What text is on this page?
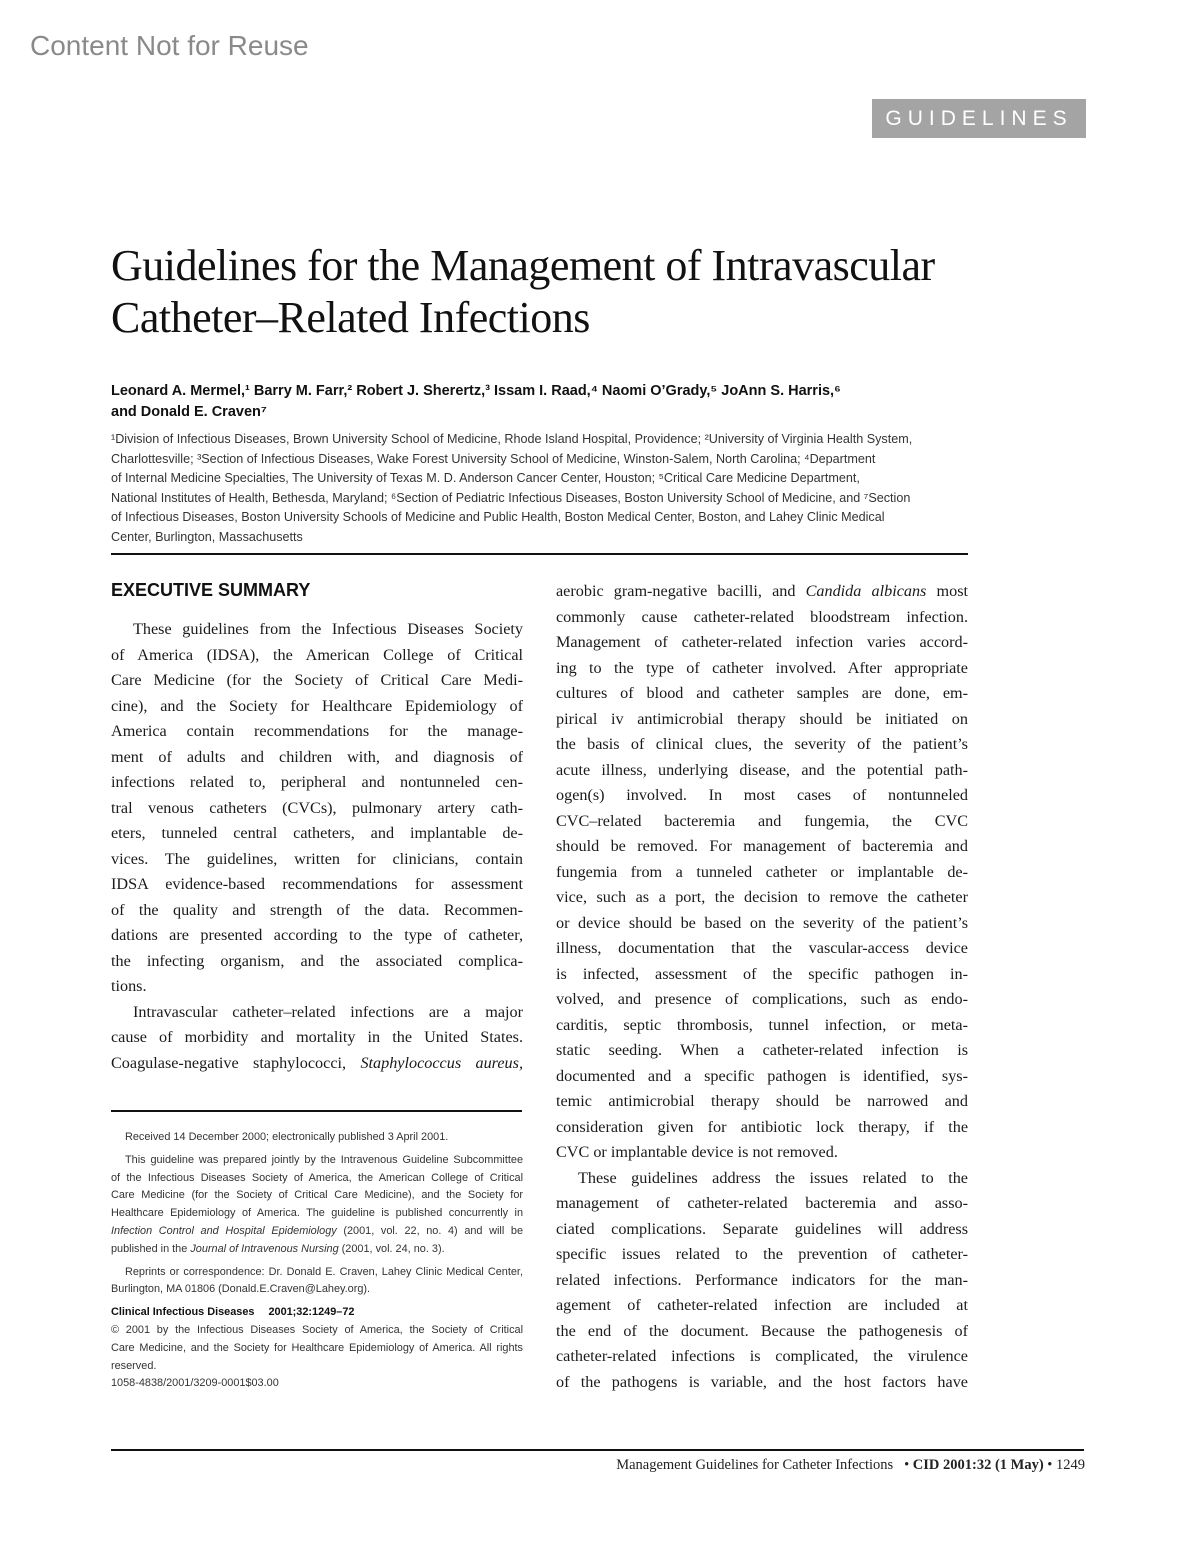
Content Not for Reuse
GUIDELINES
Guidelines for the Management of Intravascular
Catheter–Related Infections
Leonard A. Mermel,¹ Barry M. Farr,² Robert J. Sherertz,³ Issam I. Raad,⁴ Naomi O’Grady,⁵ JoAnn S. Harris,⁶
and Donald E. Craven⁷
¹Division of Infectious Diseases, Brown University School of Medicine, Rhode Island Hospital, Providence; ²University of Virginia Health System,
Charlottesville; ³Section of Infectious Diseases, Wake Forest University School of Medicine, Winston-Salem, North Carolina; ⁴Department
of Internal Medicine Specialties, The University of Texas M. D. Anderson Cancer Center, Houston; ⁵Critical Care Medicine Department,
National Institutes of Health, Bethesda, Maryland; ⁶Section of Pediatric Infectious Diseases, Boston University School of Medicine, and ⁷Section
of Infectious Diseases, Boston University Schools of Medicine and Public Health, Boston Medical Center, Boston, and Lahey Clinic Medical
Center, Burlington, Massachusetts
EXECUTIVE SUMMARY
These guidelines from the Infectious Diseases Society
of America (IDSA), the American College of Critical
Care Medicine (for the Society of Critical Care Medi-
cine), and the Society for Healthcare Epidemiology of
America contain recommendations for the manage-
ment of adults and children with, and diagnosis of
infections related to, peripheral and nontunneled cen-
tral venous catheters (CVCs), pulmonary artery cath-
eters, tunneled central catheters, and implantable de-
vices. The guidelines, written for clinicians, contain
IDSA evidence-based recommendations for assessment
of the quality and strength of the data. Recommen-
dations are presented according to the type of catheter,
the infecting organism, and the associated complica-
tions.
Intravascular catheter–related infections are a major
cause of morbidity and mortality in the United States.
Coagulase-negative staphylococci, Staphylococcus aureus,

Received 14 December 2000; electronically published 3 April 2001.

This guideline was prepared jointly by the Intravenous Guideline Subcommittee
of the Infectious Diseases Society of America, the American College of Critical
Care Medicine (for the Society of Critical Care Medicine), and the Society for
Healthcare Epidemiology of America. The guideline is published concurrently in
Infection Control and Hospital Epidemiology (2001, vol. 22, no. 4) and will be
published in the Journal of Intravenous Nursing (2001, vol. 24, no. 3).
Reprints or correspondence: Dr. Donald E. Craven, Lahey Clinic Medical Center,
Burlington, MA 01806 (Donald.E.Craven@Lahey.org).
Clinical Infectious Diseases 2001;32:1249–72
© 2001 by the Infectious Diseases Society of America, the Society of Critical
Care Medicine, and the Society for Healthcare Epidemiology of America. All rights
reserved.
1058-4838/2001/3209-0001$03.00
aerobic gram-negative bacilli, and Candida albicans most
commonly cause catheter-related bloodstream infection.
Management of catheter-related infection varies accord-
ing to the type of catheter involved. After appropriate
cultures of blood and catheter samples are done, em-
pirical iv antimicrobial therapy should be initiated on
the basis of clinical clues, the severity of the patient’s
acute illness, underlying disease, and the potential path-
ogen(s) involved. In most cases of nontunneled
CVC–related bacteremia and fungemia, the CVC
should be removed. For management of bacteremia and
fungemia from a tunneled catheter or implantable de-
vice, such as a port, the decision to remove the catheter
or device should be based on the severity of the patient’s
illness, documentation that the vascular-access device
is infected, assessment of the specific pathogen in-
volved, and presence of complications, such as endo-
carditis, septic thrombosis, tunnel infection, or meta-
static seeding. When a catheter-related infection is
documented and a specific pathogen is identified, sys-
temic antimicrobial therapy should be narrowed and
consideration given for antibiotic lock therapy, if the
CVC or implantable device is not removed.
These guidelines address the issues related to the
management of catheter-related bacteremia and asso-
ciated complications. Separate guidelines will address
specific issues related to the prevention of catheter-
related infections. Performance indicators for the man-
agement of catheter-related infection are included at
the end of the document. Because the pathogenesis of
catheter-related infections is complicated, the virulence
of the pathogens is variable, and the host factors have
Management Guidelines for Catheter Infections   • CID 2001:32 (1 May) • 1249
